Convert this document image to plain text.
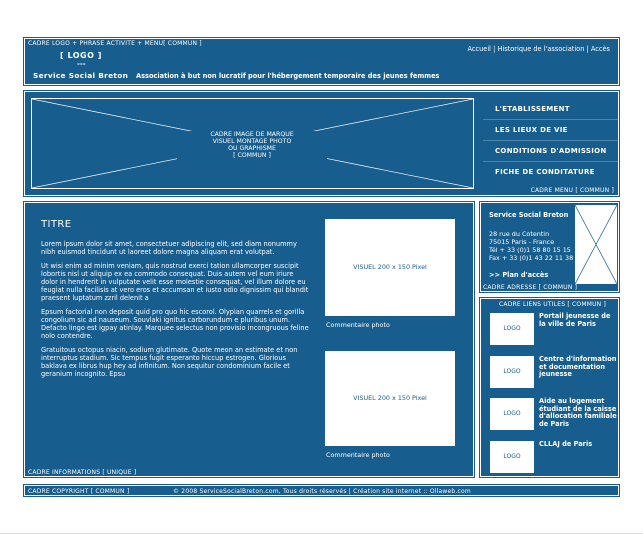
CADRE LOGO + PHRASE ACTIVITE + MENU[ COMMUN ]
[ LOGO ]
---
Service Social Breton Association à but non lucratif pour l'hébergement temporaire des jeunes femmes
Accueil | Historique de l'association | Accès
CADRE IMAGE DE MARQUE
VISUEL MONTAGE PHOTO
OU GRAPHISME
[ COMMUN ]
L'ETABLISSEMENT
LES LIEUX DE VIE
CONDITIONS D'ADMISSION
FICHE DE CONDITATURE
CADRE MENU [ COMMUN ]
TITRE

Lorem ipsum dolor sit amet, consectetuer adipiscing elit, sed diam nonummy nibh euismod tincidunt ut laoreet dolore magna aliquam erat volutpat.

Ut wisi enim ad minim veniam, quis nostrud exerci tation ullamcorper suscipit lobortis nisl ut aliquip ex ea commodo consequat. Duis autem vel eum iriure dolor in hendrerit in vulputate velit esse molestie consequat, vel illum dolore eu feugiat nulla facilisis at vero eros et accumsan et iusto odio dignissim qui blandit praesent luptatum zzril delenit a

Epsum factorial non deposit quid pro quo hic escorol. Olypian quarrels et gorilla congolium sic ad nauseum. Souvlaki ignitus carborundum e pluribus unum. Defacto lingo est igpay atinlay. Marquee selectus non provisio incongruous feline nolo contendre.

Gratuitous octopus niacin, sodium glutimate. Quote meon an estimate et non interruptus stadium. Sic tempus fugit esperanto hiccup estrogen. Glorious baklava ex librus hup hey ad infinitum. Non sequitur condominium facile et geranium incognito. Epsu

VISUEL 200 x 150 Pixel
Commentaire photo
VISUEL 200 x 150 Pixel
Commentaire photo
CADRE INFORMATIONS [ UNIQUE ]
Service Social Breton
28 rue du Cotentin
75015 Paris - France
Tél + 33 (0)1 58 80 15 15
Fax + 33 (0)1 43 22 11 38
>> Plan d'accès
CADRE ADRESSE [ COMMUN ]
CADRE LIENS UTILES [ COMMUN ]
LOGO
Portail jeunesse de la ville de Paris
LOGO
Centre d'information et documentation jeunesse
LOGO
Aide au logement étudiant de la caisse d'allocation familiale de Paris
LOGO
CLLAJ de Paris
CADRE COPYRIGHT [ COMMUN ]	© 2008 ServiceSocialBreton.com, Tous droits réservés | Création site internet :: Ollaweb.com
